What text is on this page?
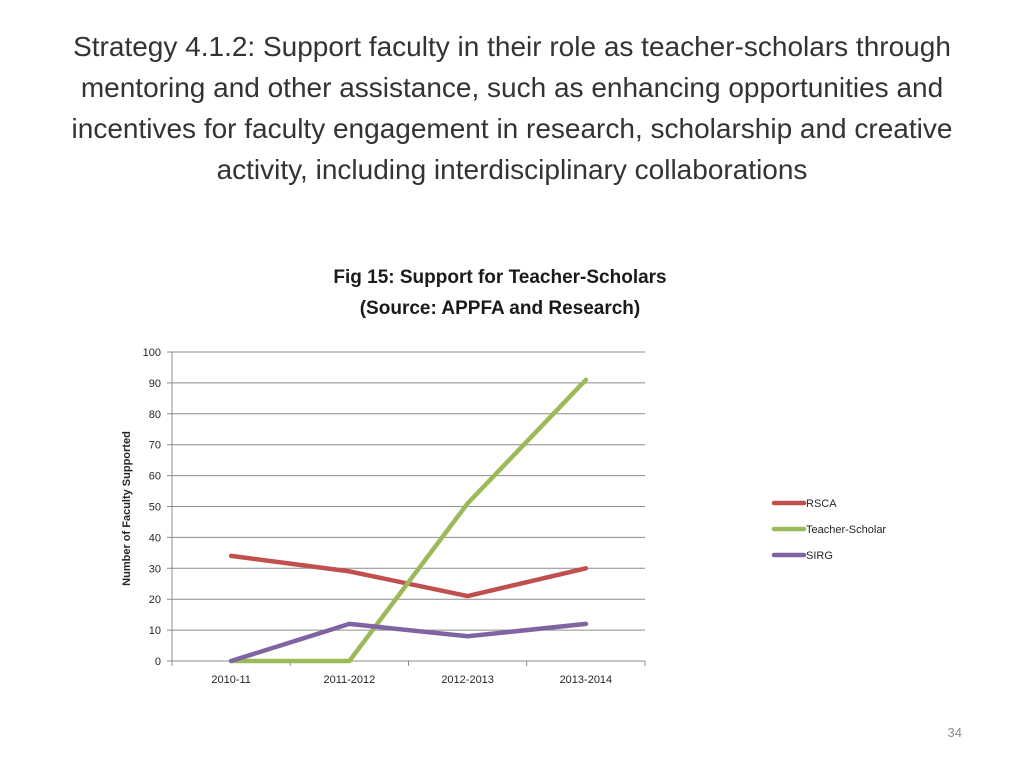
Strategy 4.1.2: Support faculty in their role as teacher-scholars through mentoring and other assistance, such as enhancing opportunities and incentives for faculty engagement in research, scholarship and creative activity, including interdisciplinary collaborations
Fig 15: Support for Teacher-Scholars
(Source: APPFA and Research)
0
10
20
30
40
50
60
70
80
90
100
2010-11	2011-2012	2012-2013	2013-2014
Number of Faculty Supported	RSCA
Teacher-Scholar
SIRG
34
